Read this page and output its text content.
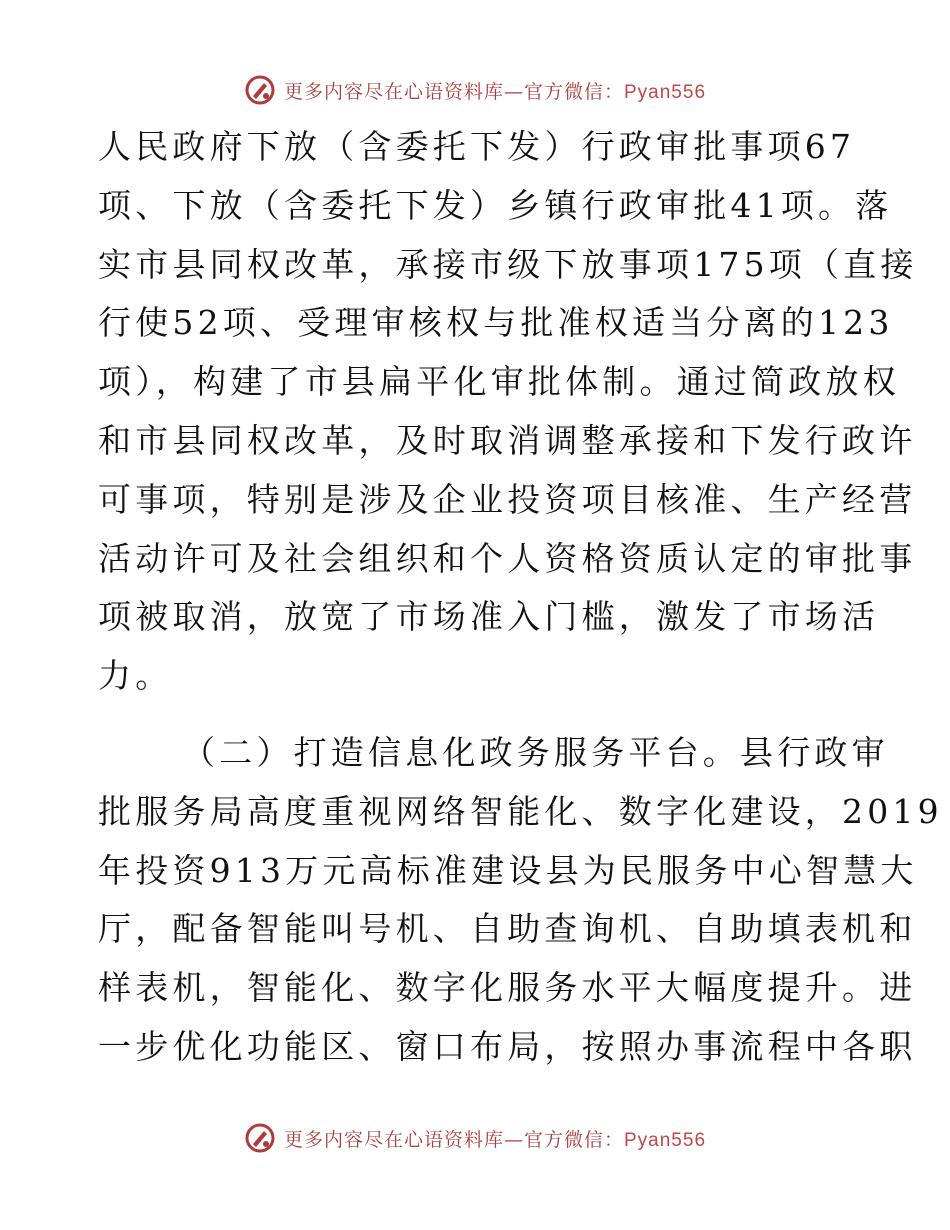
更多内容尽在心语资料库—官方微信：Pyan556
人民政府下放（含委托下发）行政审批事项67
项、下放（含委托下发）乡镇行政审批41项。落
实市县同权改革，承接市级下放事项175项（直接
行使52项、受理审核权与批准权适当分离的123
项），构建了市县扁平化审批体制。通过简政放权
和市县同权改革，及时取消调整承接和下发行政许
可事项，特别是涉及企业投资项目核准、生产经营
活动许可及社会组织和个人资格资质认定的审批事
项被取消，放宽了市场准入门槛，激发了市场活
力。
（二）打造信息化政务服务平台。县行政审
批服务局高度重视网络智能化、数字化建设，2019
年投资913万元高标准建设县为民服务中心智慧大
厅，配备智能叫号机、自助查询机、自助填表机和
样表机，智能化、数字化服务水平大幅度提升。进
一步优化功能区、窗口布局，按照办事流程中各职
更多内容尽在心语资料库—官方微信：Pyan556
